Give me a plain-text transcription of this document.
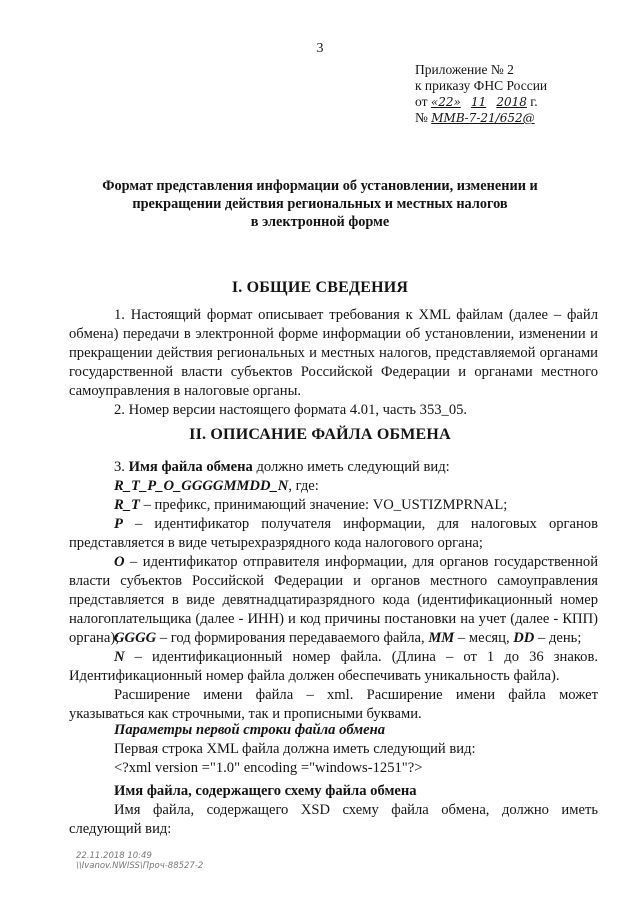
3
Приложение № 2
к приказу ФНС России
от «22» 11 2018 г.
№ ММВ-7-21/652@
Формат представления информации об установлении, изменении и
прекращении действия региональных и местных налогов
в электронной форме
I. ОБЩИЕ СВЕДЕНИЯ

1. Настоящий формат описывает требования к XML файлам (далее – файл обмена) передачи в электронной форме информации об установлении, изменении и прекращении действия региональных и местных налогов, представляемой органами государственной власти субъектов Российской Федерации и органами местного самоуправления в налоговые органы.

2. Номер версии настоящего формата 4.01, часть 353_05.

II. ОПИСАНИЕ ФАЙЛА ОБМЕНА

3. Имя файла обмена должно иметь следующий вид:

R_T_P_O_GGGGMMDD_N, где:

R_T – префикс, принимающий значение: VO_USTIZMPRNAL;

P – идентификатор получателя информации, для налоговых органов представляется в виде четырехразрядного кода налогового органа;

O – идентификатор отправителя информации, для органов государственной власти субъектов Российской Федерации и органов местного самоуправления представляется в виде девятнадцатиразрядного кода (идентификационный номер налогоплательщика (далее - ИНН) и код причины постановки на учет (далее - КПП) органа);

GGGG – год формирования передаваемого файла, MM – месяц, DD – день;

N – идентификационный номер файла. (Длина – от 1 до 36 знаков. Идентификационный номер файла должен обеспечивать уникальность файла).

Расширение имени файла – xml. Расширение имени файла может указываться как строчными, так и прописными буквами.

Параметры первой строки файла обмена

Первая строка XML файла должна иметь следующий вид:

<?xml version ="1.0" encoding ="windows-1251"?>

Имя файла, содержащего схему файла обмена

Имя файла, содержащего XSD схему файла обмена, должно иметь следующий вид:

22.11.2018 10:49
\\Ivanov.NWISS\Проч-88527-2
